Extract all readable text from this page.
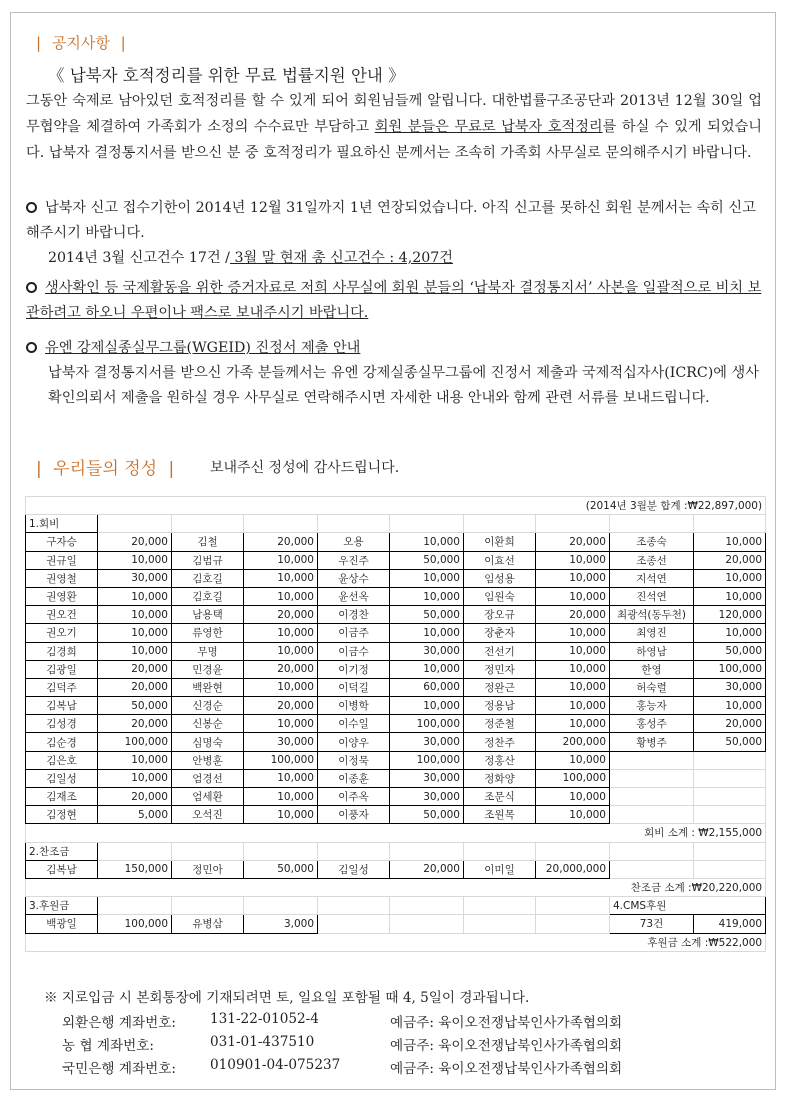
| 공지사항 |
《 납북자 호적정리를 위한 무료 법률지원 안내 》
그동안 숙제로 남아있던 호적정리를 할 수 있게 되어 회원님들께 알립니다. 대한법률구조공단과 2013년 12월 30일 업무협약을 체결하여 가족회가 소정의 수수료만 부담하고 회원 분들은 무료로 납북자 호적정리를 하실 수 있게 되었습니다. 납북자 결정통지서를 받으신 분 중 호적정리가 필요하신 분께서는 조속히 가족회 사무실로 문의해주시기 바랍니다.
납북자 신고 접수기한이 2014년 12월 31일까지 1년 연장되었습니다. 아직 신고를 못하신 회원 분께서는 속히 신고해주시기 바랍니다.
2014년 3월 신고건수 17건 / 3월 말 현재 총 신고건수 : 4,207건
생사확인 등 국제활동을 위한 증거자료로 저희 사무실에 회원 분들의 ‘납북자 결정통지서’ 사본을 일괄적으로 비치 보관하려고 하오니 우편이나 팩스로 보내주시기 바랍니다.
유엔 강제실종실무그룹(WGEID) 진정서 제출 안내
납북자 결정통지서를 받으신 가족 분들께서는 유엔 강제실종실무그룹에 진정서 제출과 국제적십자사(ICRC)에 생사확인의뢰서 제출을 원하실 경우 사무실로 연락해주시면 자세한 내용 안내와 함께 관련 서류를 보내드립니다.
| 우리들의 정성 |	보내주신 정성에 감사드립니다.
(2014년 3월분 합계 :₩22,897,000)									
1.회비									
구자승	20,000	김철	20,000	오용	10,000	이환희	20,000	조종숙	10,000
권규일	10,000	김범규	10,000	우진주	50,000	이효선	10,000	조종선	20,000
권영철	30,000	김호길	10,000	윤상수	10,000	임성용	10,000	지석연	10,000
권영환	10,000	김호길	10,000	윤선옥	10,000	임원숙	10,000	진석연	10,000
권오건	10,000	남용택	20,000	이경찬	50,000	장오규	20,000	최광석(동두천)	120,000
권오기	10,000	류영한	10,000	이금주	10,000	장춘자	10,000	최영진	10,000
김경희	10,000	무명	10,000	이금수	30,000	전선기	10,000	하영남	50,000
김광일	20,000	민경윤	20,000	이기정	10,000	정민자	10,000	한영	100,000
김덕주	20,000	백완현	10,000	이덕길	60,000	정완근	10,000	허숙렬	30,000
김복남	50,000	신경순	20,000	이병학	10,000	정용남	10,000	홍능자	10,000
김성경	20,000	신봉순	10,000	이수일	100,000	정준철	10,000	홍성주	20,000
김순경	100,000	심명숙	30,000	이양우	30,000	정찬주	200,000	황병주	50,000
김은호	10,000	안병훈	100,000	이정묵	100,000	정홍산	10,000		
김일성	10,000	엄경선	10,000	이종훈	30,000	정화양	100,000		
김재조	20,000	엄세환	10,000	이주옥	30,000	조문식	10,000		
김정현	5,000	오석진	10,000	이풍자	50,000	조원목	10,000		
회비 소계 : ₩2,155,000									
2.찬조금									
김복남	150,000	정민아	50,000	김일성	20,000	이미일	20,000,000		
찬조금 소계 :₩20,220,000									
3.후원금								4.CMS후원	
백광일	100,000	유병삼	3,000					73건	419,000
후원금 소계 :₩522,000									
※ 지로입금 시 본회통장에 기재되려면 토, 일요일 포함될 때 4, 5일이 경과됩니다.
외환은행 계좌번호:	131-22-01052-4	예금주: 육이오전쟁납북인사가족협의회
농 협 계좌번호:	031-01-437510	예금주: 육이오전쟁납북인사가족협의회
국민은행 계좌번호:	010901-04-075237	예금주: 육이오전쟁납북인사가족협의회
